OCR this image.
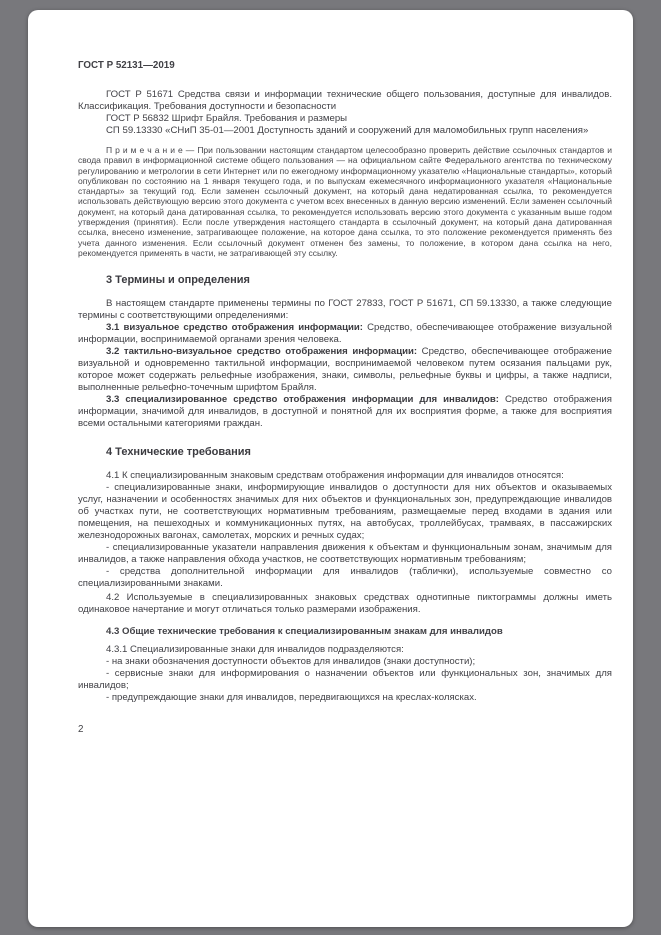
ГОСТ Р 52131—2019

ГОСТ Р 51671 Средства связи и информации технические общего пользования, доступные для инвалидов. Классификация. Требования доступности и безопасности

ГОСТ Р 56832 Шрифт Брайля. Требования и размеры

СП 59.13330 «СНиП 35-01—2001 Доступность зданий и сооружений для маломобильных групп населения»

П р и м е ч а н и е — При пользовании настоящим стандартом целесообразно проверить действие ссылочных стандартов и свода правил в информационной системе общего пользования — на официальном сайте Федерального агентства по техническому регулированию и метрологии в сети Интернет или по ежегодному информационному указателю «Национальные стандарты», который опубликован по состоянию на 1 января текущего года, и по выпускам ежемесячного информационного указателя «Национальные стандарты» за текущий год. Если заменен ссылочный документ, на который дана недатированная ссылка, то рекомендуется использовать действующую версию этого документа с учетом всех внесенных в данную версию изменений. Если заменен ссылочный документ, на который дана датированная ссылка, то рекомендуется использовать версию этого документа с указанным выше годом утверждения (принятия). Если после утверждения настоящего стандарта в ссылочный документ, на который дана датированная ссылка, внесено изменение, затрагивающее положение, на которое дана ссылка, то это положение рекомендуется применять без учета данного изменения. Если ссылочный документ отменен без замены, то положение, в котором дана ссылка на него, рекомендуется применять в части, не затрагивающей эту ссылку.

3 Термины и определения

В настоящем стандарте применены термины по ГОСТ 27833, ГОСТ Р 51671, СП 59.13330, а также следующие термины с соответствующими определениями:

3.1 визуальное средство отображения информации: Средство, обеспечивающее отображение визуальной информации, воспринимаемой органами зрения человека.

3.2 тактильно-визуальное средство отображения информации: Средство, обеспечивающее отображение визуальной и одновременно тактильной информации, воспринимаемой человеком путем осязания пальцами рук, которое может содержать рельефные изображения, знаки, символы, рельефные буквы и цифры, а также надписи, выполненные рельефно-точечным шрифтом Брайля.

3.3 специализированное средство отображения информации для инвалидов: Средство отображения информации, значимой для инвалидов, в доступной и понятной для их восприятия форме, а также для восприятия всеми остальными категориями граждан.

4 Технические требования

4.1 К специализированным знаковым средствам отображения информации для инвалидов относятся:

- специализированные знаки, информирующие инвалидов о доступности для них объектов и оказываемых услуг, назначении и особенностях значимых для них объектов и функциональных зон, предупреждающие инвалидов об участках пути, не соответствующих нормативным требованиям, размещаемые перед входами в здания или помещения, на пешеходных и коммуникационных путях, на автобусах, троллейбусах, трамваях, в пассажирских железнодорожных вагонах, самолетах, морских и речных судах;

- специализированные указатели направления движения к объектам и функциональным зонам, значимым для инвалидов, а также направления обхода участков, не соответствующих нормативным требованиям;

- средства дополнительной информации для инвалидов (таблички), используемые совместно со специализированными знаками.

4.2 Используемые в специализированных знаковых средствах однотипные пиктограммы должны иметь одинаковое начертание и могут отличаться только размерами изображения.

4.3 Общие технические требования к специализированным знакам для инвалидов

4.3.1 Специализированные знаки для инвалидов подразделяются:

- на знаки обозначения доступности объектов для инвалидов (знаки доступности);

- сервисные знаки для информирования о назначении объектов или функциональных зон, значимых для инвалидов;

- предупреждающие знаки для инвалидов, передвигающихся на креслах-колясках.

2
